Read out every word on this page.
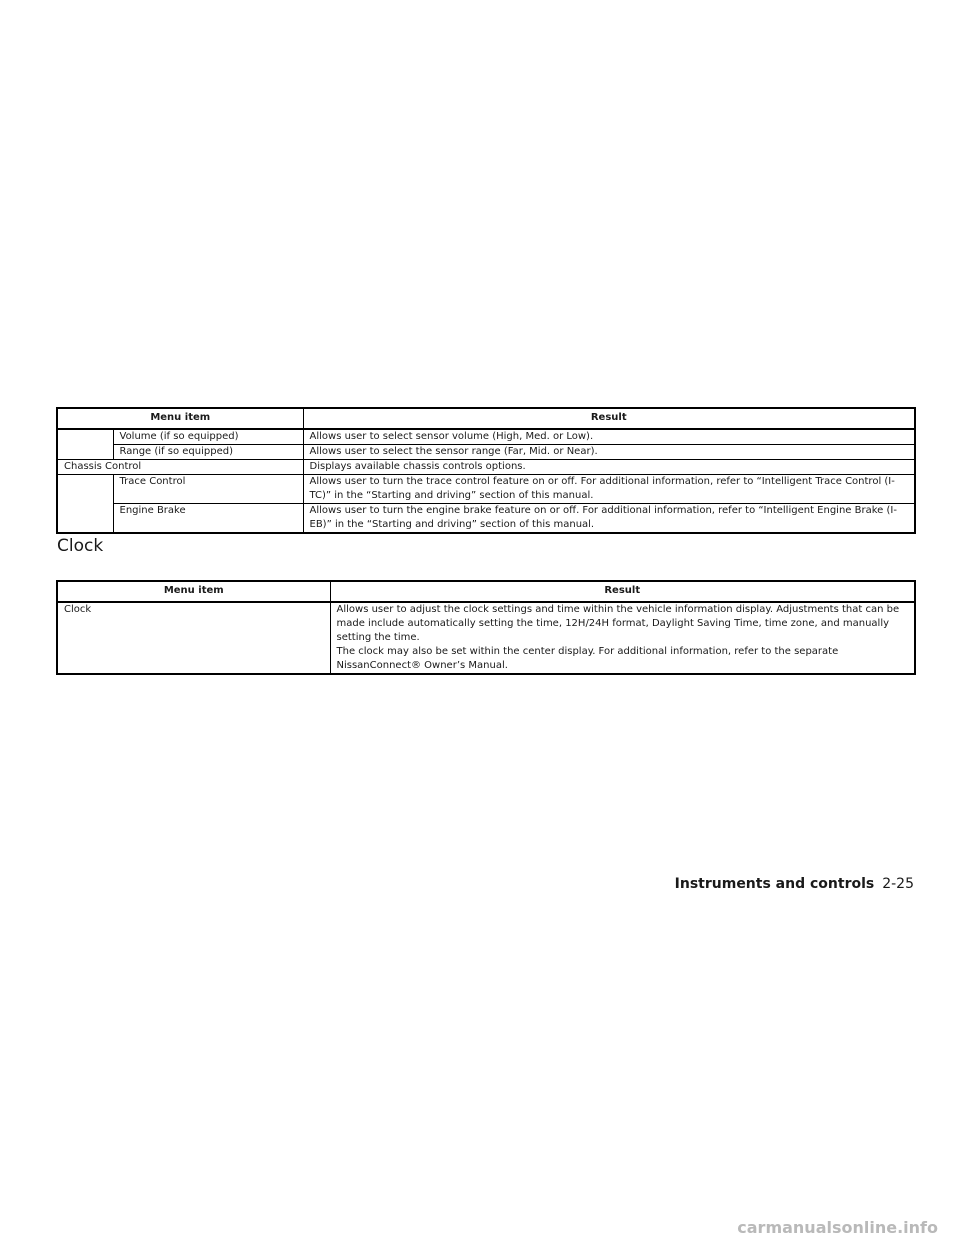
Menu item		Result
	Volume (if so equipped)	Allows user to select sensor volume (High, Med. or Low).
	Range (if so equipped)	Allows user to select the sensor range (Far, Mid. or Near).
Chassis Control		Displays available chassis controls options.
	Trace Control	Allows user to turn the trace control feature on or off. For additional information, refer to “Intelligent Trace Control (I-TC)” in the “Starting and driving” section of this manual.
	Engine Brake	Allows user to turn the engine brake feature on or off. For additional information, refer to “Intelligent Engine Brake (I-EB)” in the “Starting and driving” section of this manual.
Clock
Menu item	Result
Clock	Allows user to adjust the clock settings and time within the vehicle information display. Adjustments that can be made include automatically setting the time, 12H/24H format, Daylight Saving Time, time zone, and manually setting the time.
The clock may also be set within the center display. For additional information, refer to the separate NissanConnect® Owner’s Manual.
Instruments and controls 2-25
carmanualsonline.info
